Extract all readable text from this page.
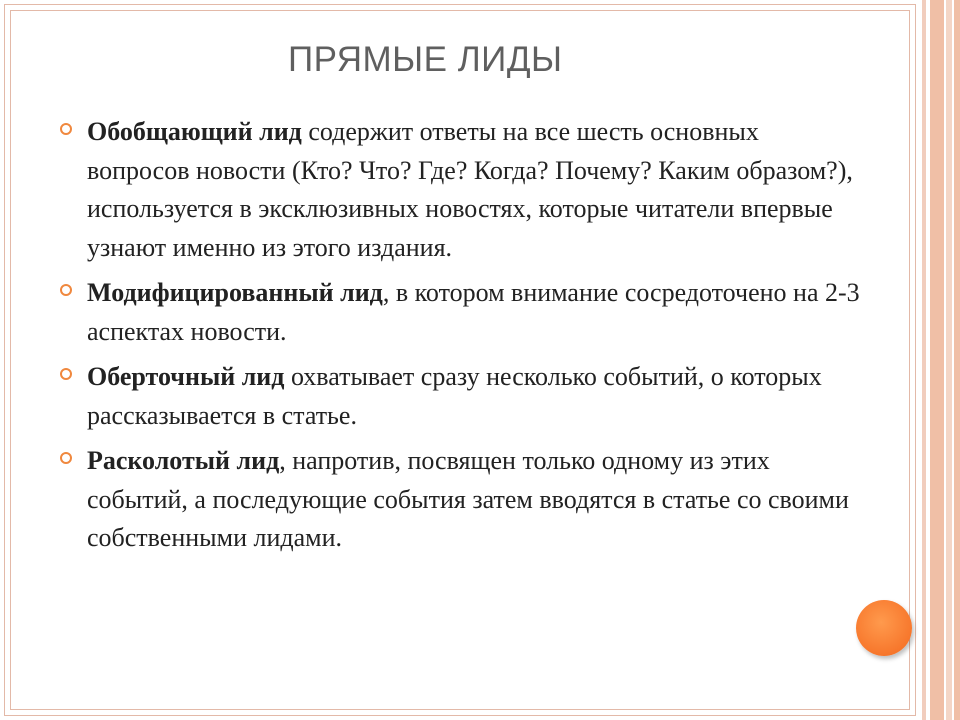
ПРЯМЫЕ ЛИДЫ
Обобщающий лид содержит ответы на все шесть основных вопросов новости (Кто? Что? Где? Когда? Почему? Каким образом?), используется в эксклюзивных новостях, которые читатели впервые узнают именно из этого издания.
Модифицированный лид, в котором внимание сосредоточено на 2-3 аспектах новости.
Оберточный лид охватывает сразу несколько событий, о которых рассказывается в статье.
Расколотый лид, напротив, посвящен только одному из этих событий, а последующие события затем вводятся в статье со своими собственными лидами.
